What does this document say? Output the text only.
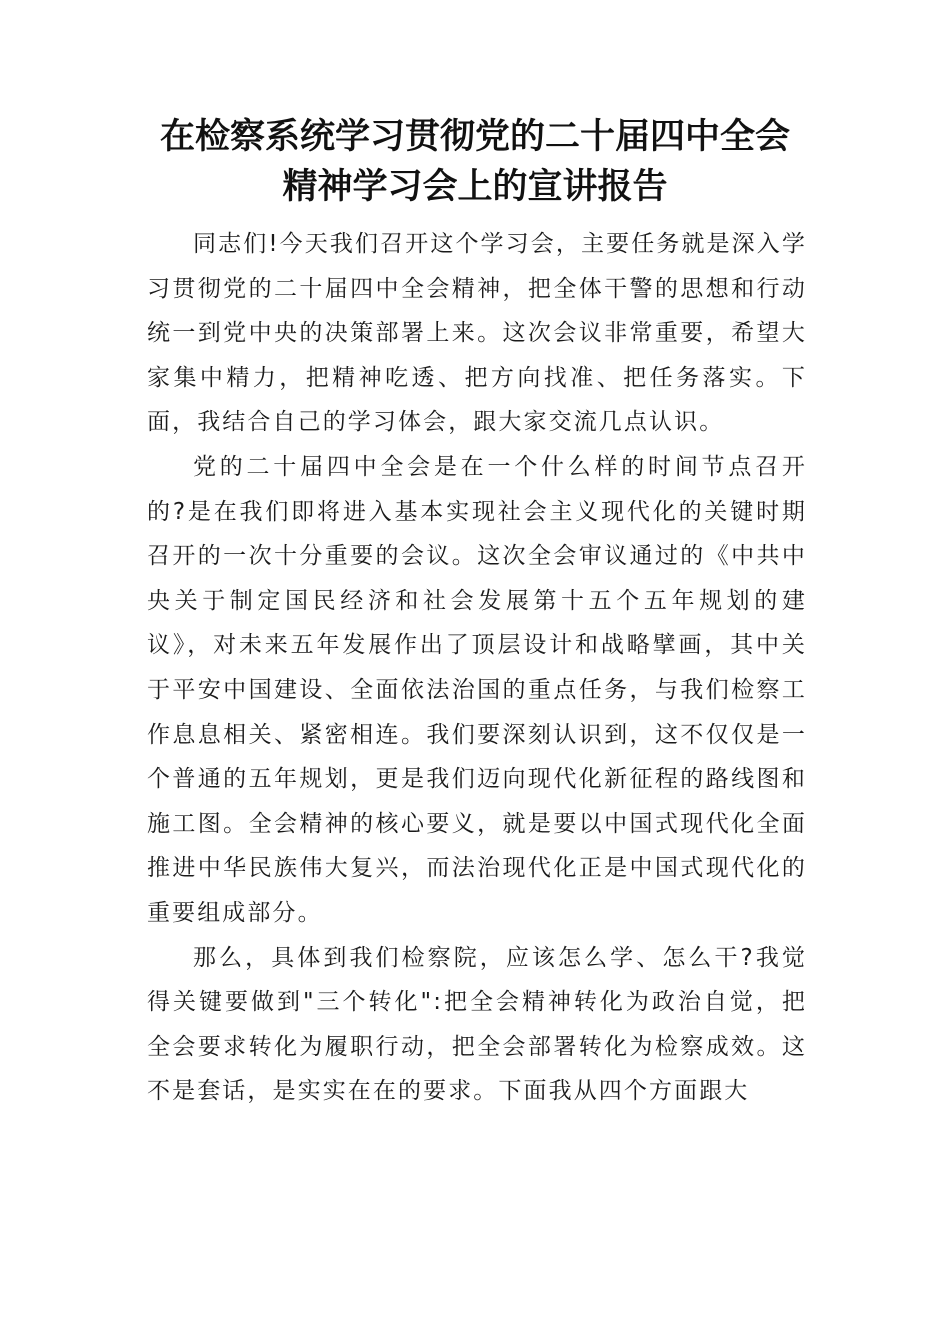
在检察系统学习贯彻党的二十届四中全会
精神学习会上的宣讲报告

同志们!今天我们召开这个学习会，主要任务就是深入学习贯彻党的二十届四中全会精神，把全体干警的思想和行动统一到党中央的决策部署上来。这次会议非常重要，希望大家集中精力，把精神吃透、把方向找准、把任务落实。下面，我结合自己的学习体会，跟大家交流几点认识。

党的二十届四中全会是在一个什么样的时间节点召开的?是在我们即将进入基本实现社会主义现代化的关键时期召开的一次十分重要的会议。这次全会审议通过的《中共中央关于制定国民经济和社会发展第十五个五年规划的建议》，对未来五年发展作出了顶层设计和战略擘画，其中关于平安中国建设、全面依法治国的重点任务，与我们检察工作息息相关、紧密相连。我们要深刻认识到，这不仅仅是一个普通的五年规划，更是我们迈向现代化新征程的路线图和施工图。全会精神的核心要义，就是要以中国式现代化全面推进中华民族伟大复兴，而法治现代化正是中国式现代化的重要组成部分。

那么，具体到我们检察院，应该怎么学、怎么干?我觉得关键要做到"三个转化":把全会精神转化为政治自觉，把全会要求转化为履职行动，把全会部署转化为检察成效。这不是套话，是实实在在的要求。下面我从四个方面跟大
